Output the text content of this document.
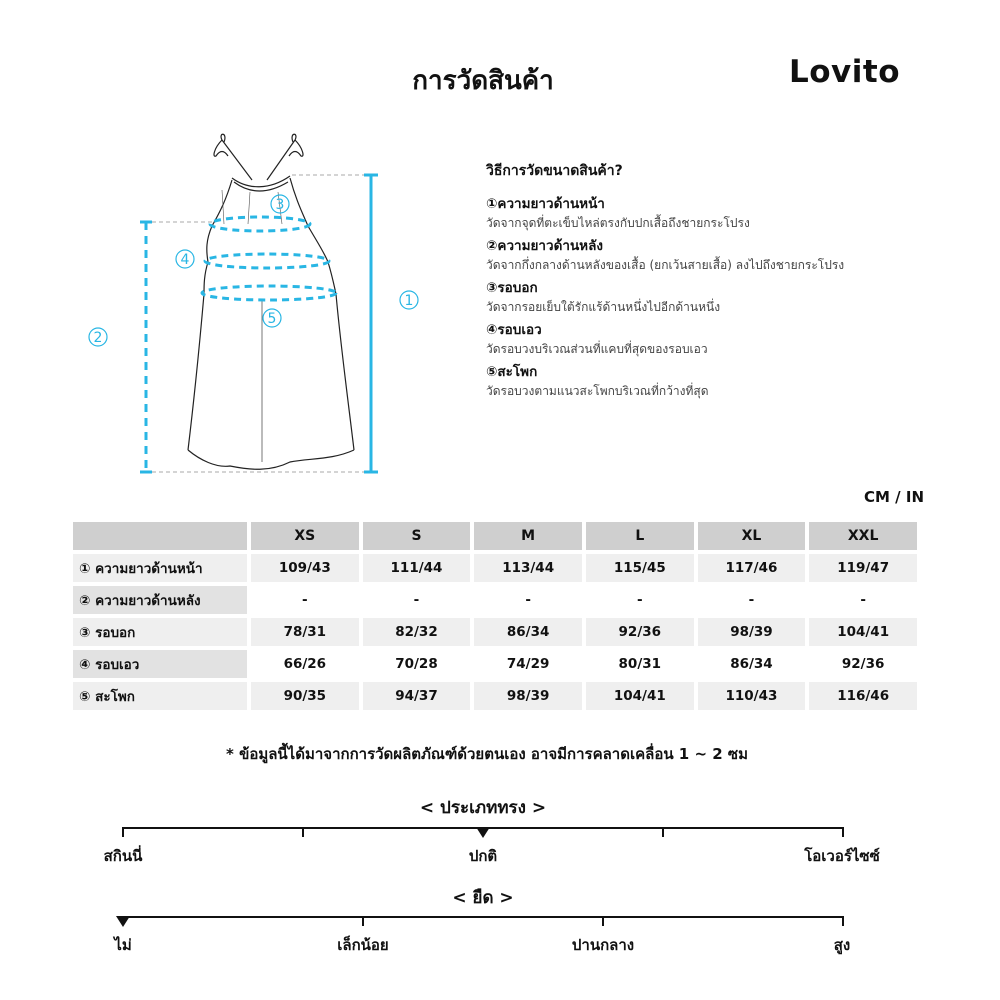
การวัดสินค้า	Lovito
1
2
3
4
5
วิธีการวัดขนาดสินค้า?
①ความยาวด้านหน้า
วัดจากจุดที่ตะเข็บไหล่ตรงกับปกเสื้อถึงชายกระโปรง
②ความยาวด้านหลัง
วัดจากกึ่งกลางด้านหลังของเสื้อ (ยกเว้นสายเสื้อ) ลงไปถึงชายกระโปรง
③รอบอก
วัดจากรอยเย็บใต้รักแร้ด้านหนึ่งไปอีกด้านหนึ่ง
④รอบเอว
วัดรอบวงบริเวณส่วนที่แคบที่สุดของรอบเอว
⑤สะโพก
วัดรอบวงตามแนวสะโพกบริเวณที่กว้างที่สุด
CM / IN
	XS	S	M	L	XL	XXL
① ความยาวด้านหน้า	109/43	111/44	113/44	115/45	117/46	119/47
② ความยาวด้านหลัง	-	-	-	-	-	-
③ รอบอก	78/31	82/32	86/34	92/36	98/39	104/41
④ รอบเอว	66/26	70/28	74/29	80/31	86/34	92/36
⑤ สะโพก	90/35	94/37	98/39	104/41	110/43	116/46
* ข้อมูลนี้ได้มาจากการวัดผลิตภัณฑ์ด้วยตนเอง อาจมีการคลาดเคลื่อน 1 ~ 2 ซม
< ประเภททรง >
สกินนี่	ปกติ	โอเวอร์ไซซ์
< ยืด >
ไม่	เล็กน้อย	ปานกลาง	สูง
